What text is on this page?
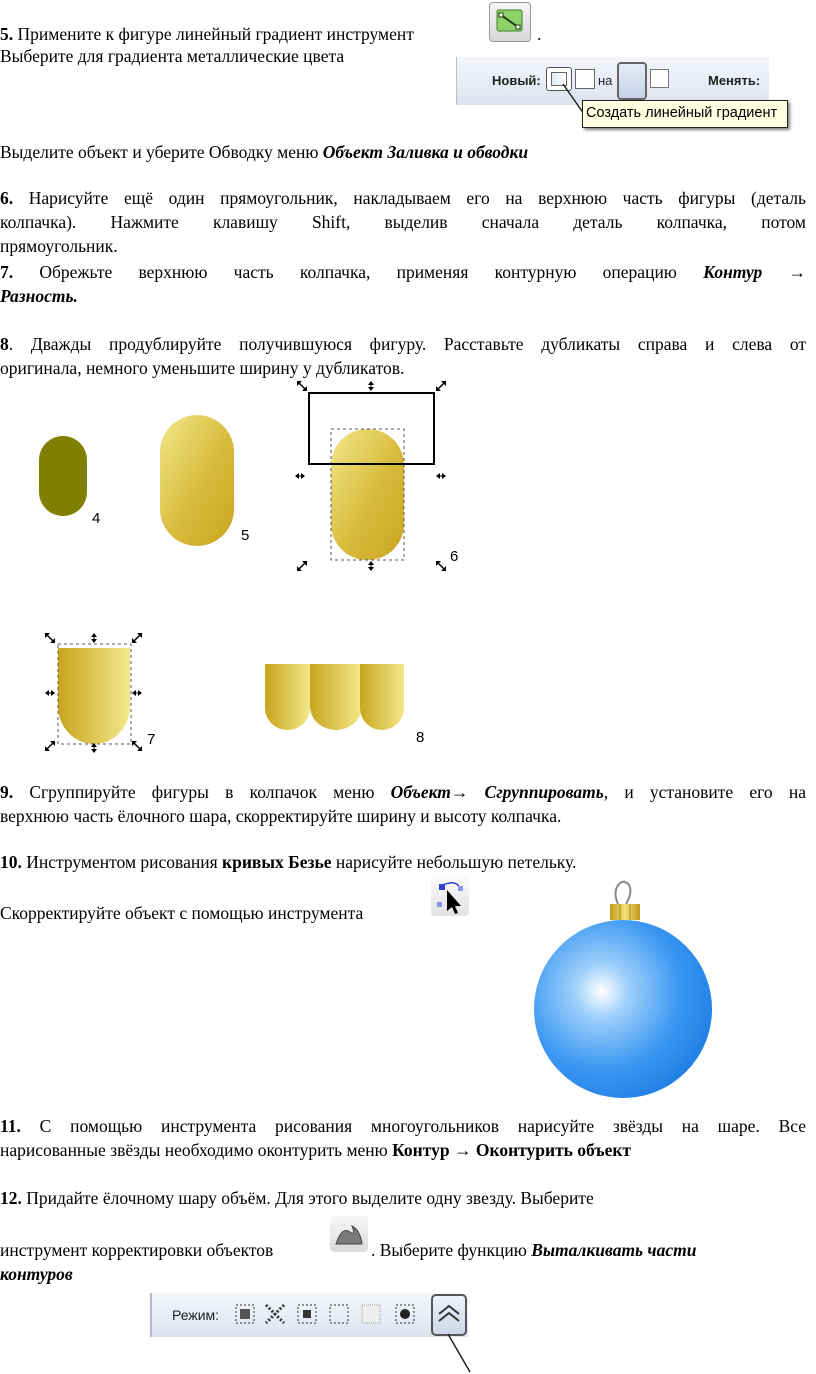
5. Примените к фигуре линейный градиент инструмент	.
Выберите для градиента металлические цвета
Новый:	на	Менять:
Создать линейный градиент
Выделите объект и уберите Обводку меню Объект Заливка и обводки
6. Нарисуйте ещё один прямоугольник, накладываем его на верхнюю часть фигуры (деталь
колпачка). Нажмите клавишу Shift, выделив сначала деталь колпачка, потом
прямоугольник.
7. Обрежьте верхнюю часть колпачка, применяя контурную операцию Контур →
Разность.
8. Дважды продублируйте получившуюся фигуру. Расставьте дубликаты справа и слева от
оригинала, немного уменьшите ширину у дубликатов.
4
5
6
7	8
9. Сгруппируйте фигуры в колпачок меню Объект→ Сгруппировать, и установите его на
верхнюю часть ёлочного шара, скорректируйте ширину и высоту колпачка.
10. Инструментом рисования кривых Безье нарисуйте небольшую петельку.
Скорректируйте объект с помощью инструмента
11. С помощью инструмента рисования многоугольников нарисуйте звёзды на шаре. Все
нарисованные звёзды необходимо оконтурить меню Контур → Оконтурить объект
12. Придайте ёлочному шару объём. Для этого выделите одну звезду. Выберите
инструмент корректировки объектов	. Выберите функцию Выталкивать части
контуров
Режим:
